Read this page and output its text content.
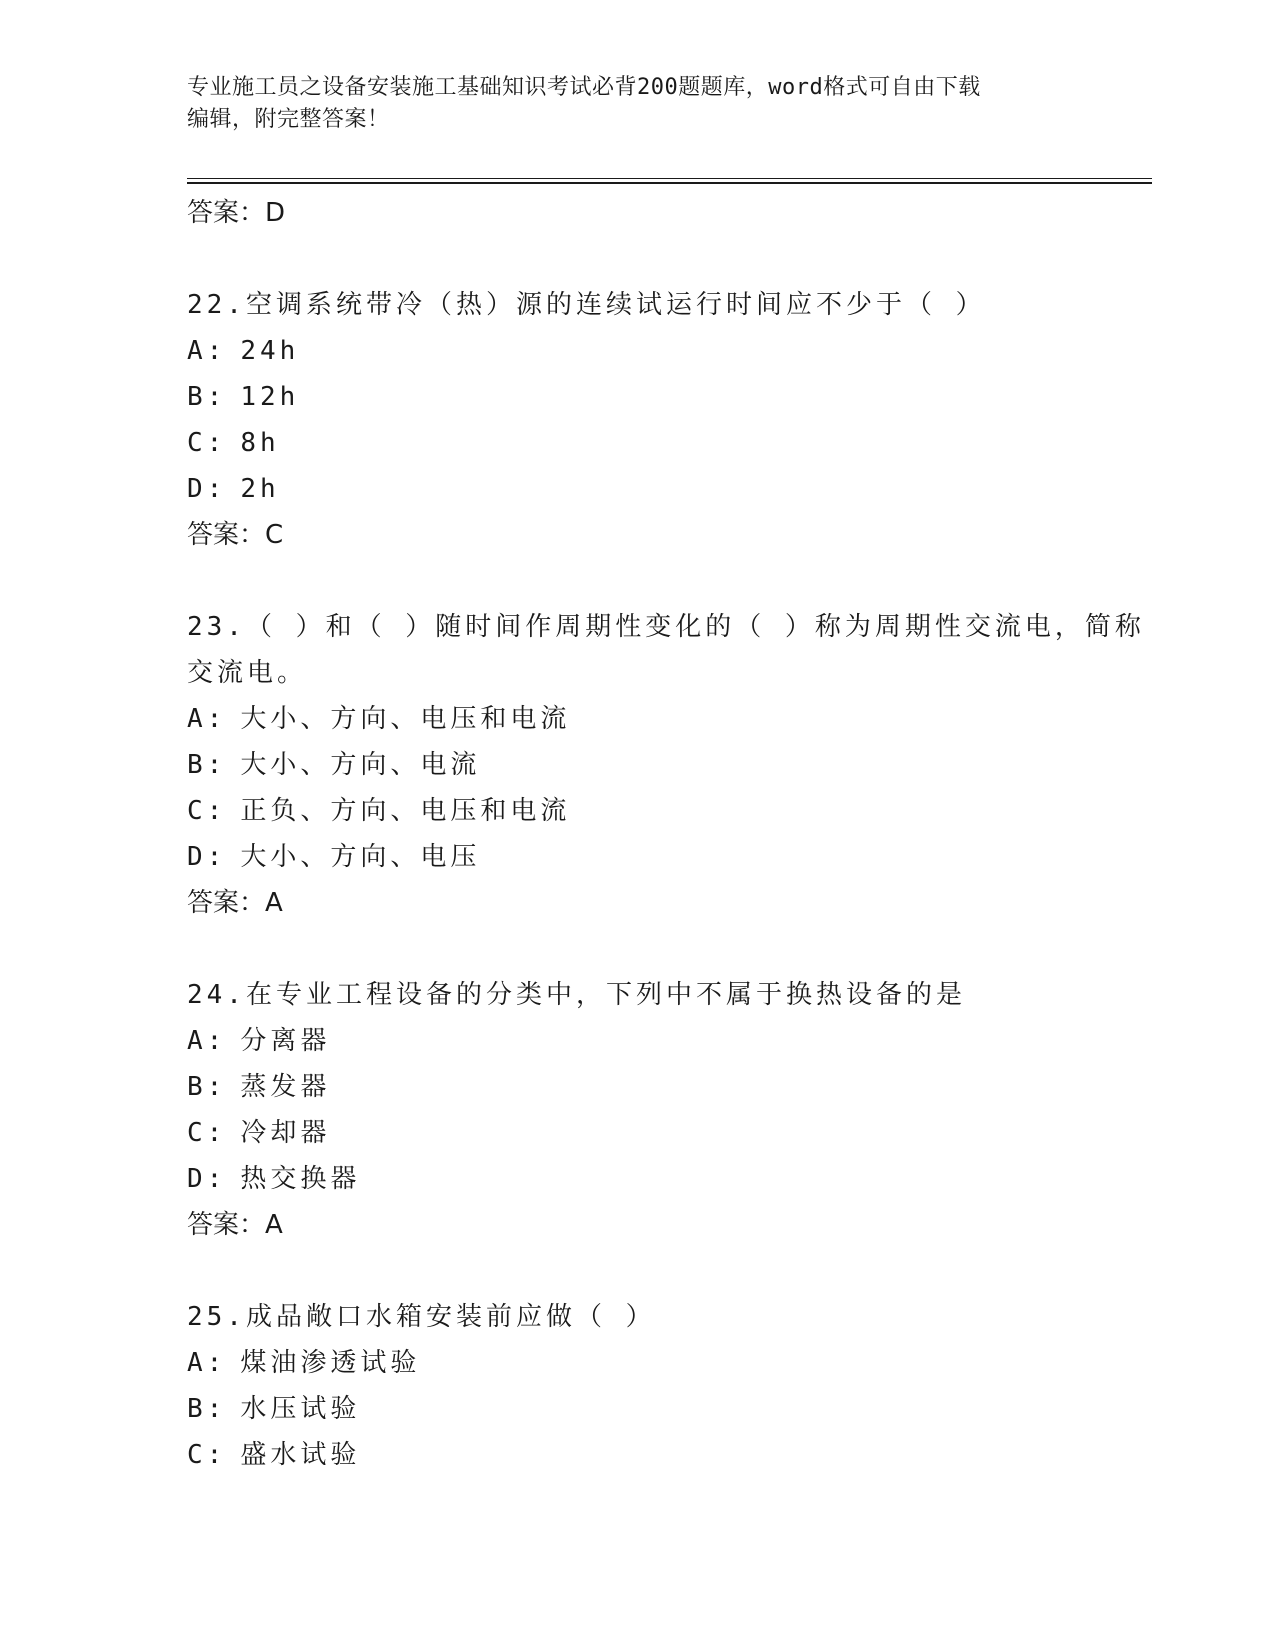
专业施工员之设备安装施工基础知识考试必背200题题库，word格式可自由下载
编辑，附完整答案！
答案：D
22.空调系统带冷（热）源的连续试运行时间应不少于（ ）
A: 24h
B: 12h
C: 8h
D: 2h
答案：C
23.（ ）和（ ）随时间作周期性变化的（ ）称为周期性交流电，简称交流电。
A: 大小、方向、电压和电流
B: 大小、方向、电流
C: 正负、方向、电压和电流
D: 大小、方向、电压
答案：A
24.在专业工程设备的分类中，下列中不属于换热设备的是
A: 分离器
B: 蒸发器
C: 冷却器
D: 热交换器
答案：A
25.成品敞口水箱安装前应做（ ）
A: 煤油渗透试验
B: 水压试验
C: 盛水试验
